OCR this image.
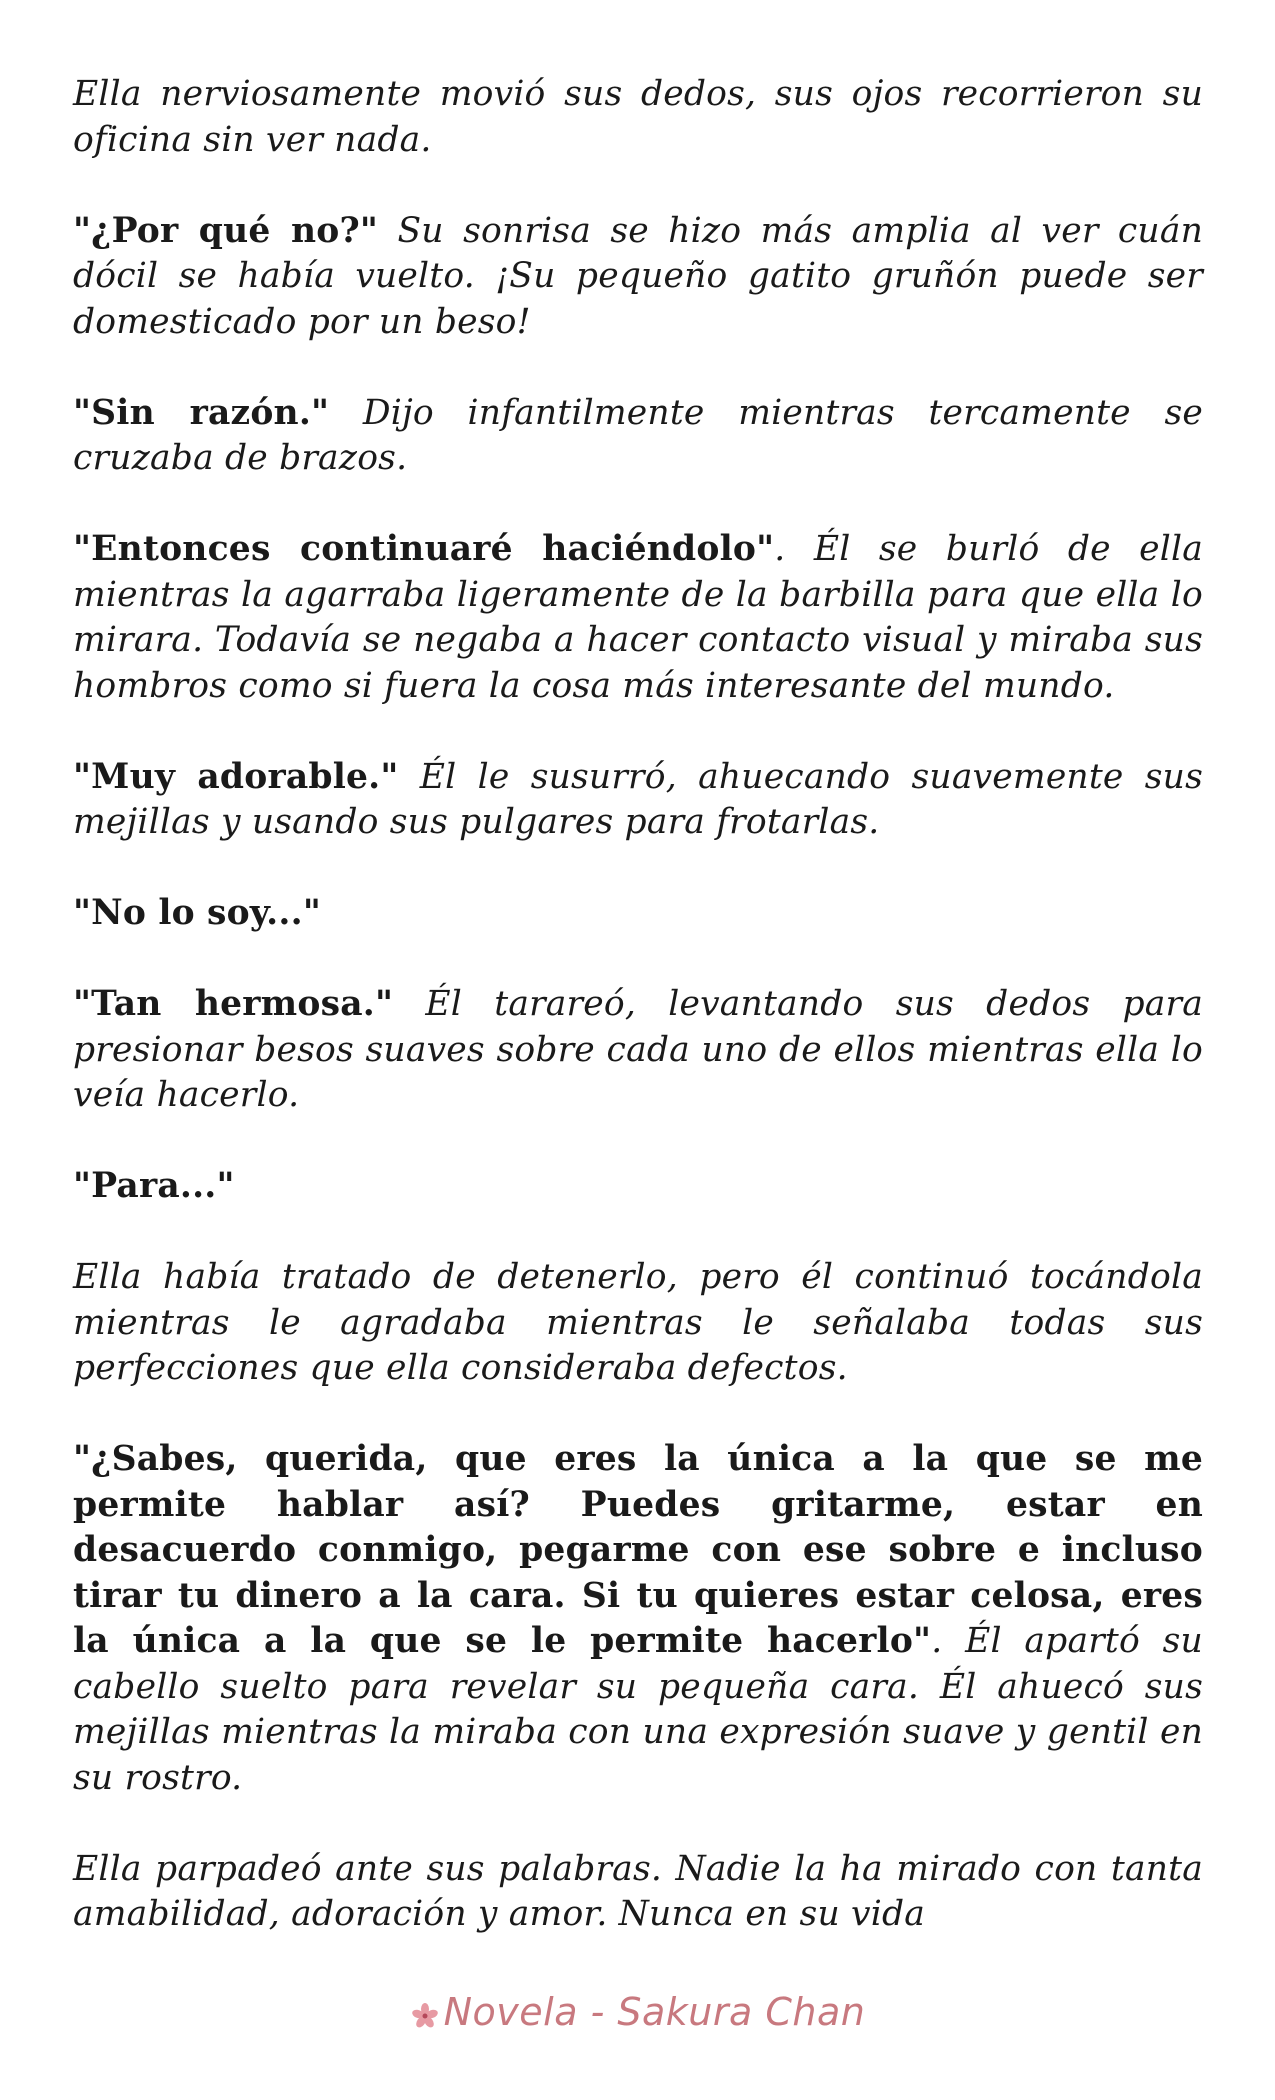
Ella nerviosamente movió sus dedos, sus ojos recorrieron su oficina sin ver nada.

"¿Por qué no?" Su sonrisa se hizo más amplia al ver cuán dócil se había vuelto. ¡Su pequeño gatito gruñón puede ser domesticado por un beso!

"Sin razón." Dijo infantilmente mientras tercamente se cruzaba de brazos.

"Entonces continuaré haciéndolo". Él se burló de ella mientras la agarraba ligeramente de la barbilla para que ella lo mirara. Todavía se negaba a hacer contacto visual y miraba sus hombros como si fuera la cosa más interesante del mundo.

"Muy adorable." Él le susurró, ahuecando suavemente sus mejillas y usando sus pulgares para frotarlas.

"No lo soy..."

"Tan hermosa." Él tarareó, levantando sus dedos para presionar besos suaves sobre cada uno de ellos mientras ella lo veía hacerlo.

"Para..."

Ella había tratado de detenerlo, pero él continuó tocándola mientras le agradaba mientras le señalaba todas sus perfecciones que ella consideraba defectos.

"¿Sabes, querida, que eres la única a la que se me permite hablar así? Puedes gritarme, estar en desacuerdo conmigo, pegarme con ese sobre e incluso tirar tu dinero a la cara. Si tu quieres estar celosa, eres la única a la que se le permite hacerlo". Él apartó su cabello suelto para revelar su pequeña cara. Él ahuecó sus mejillas mientras la miraba con una expresión suave y gentil en su rostro.

Ella parpadeó ante sus palabras. Nadie la ha mirado con tanta amabilidad, adoración y amor. Nunca en su vida

Novela - Sakura Chan
